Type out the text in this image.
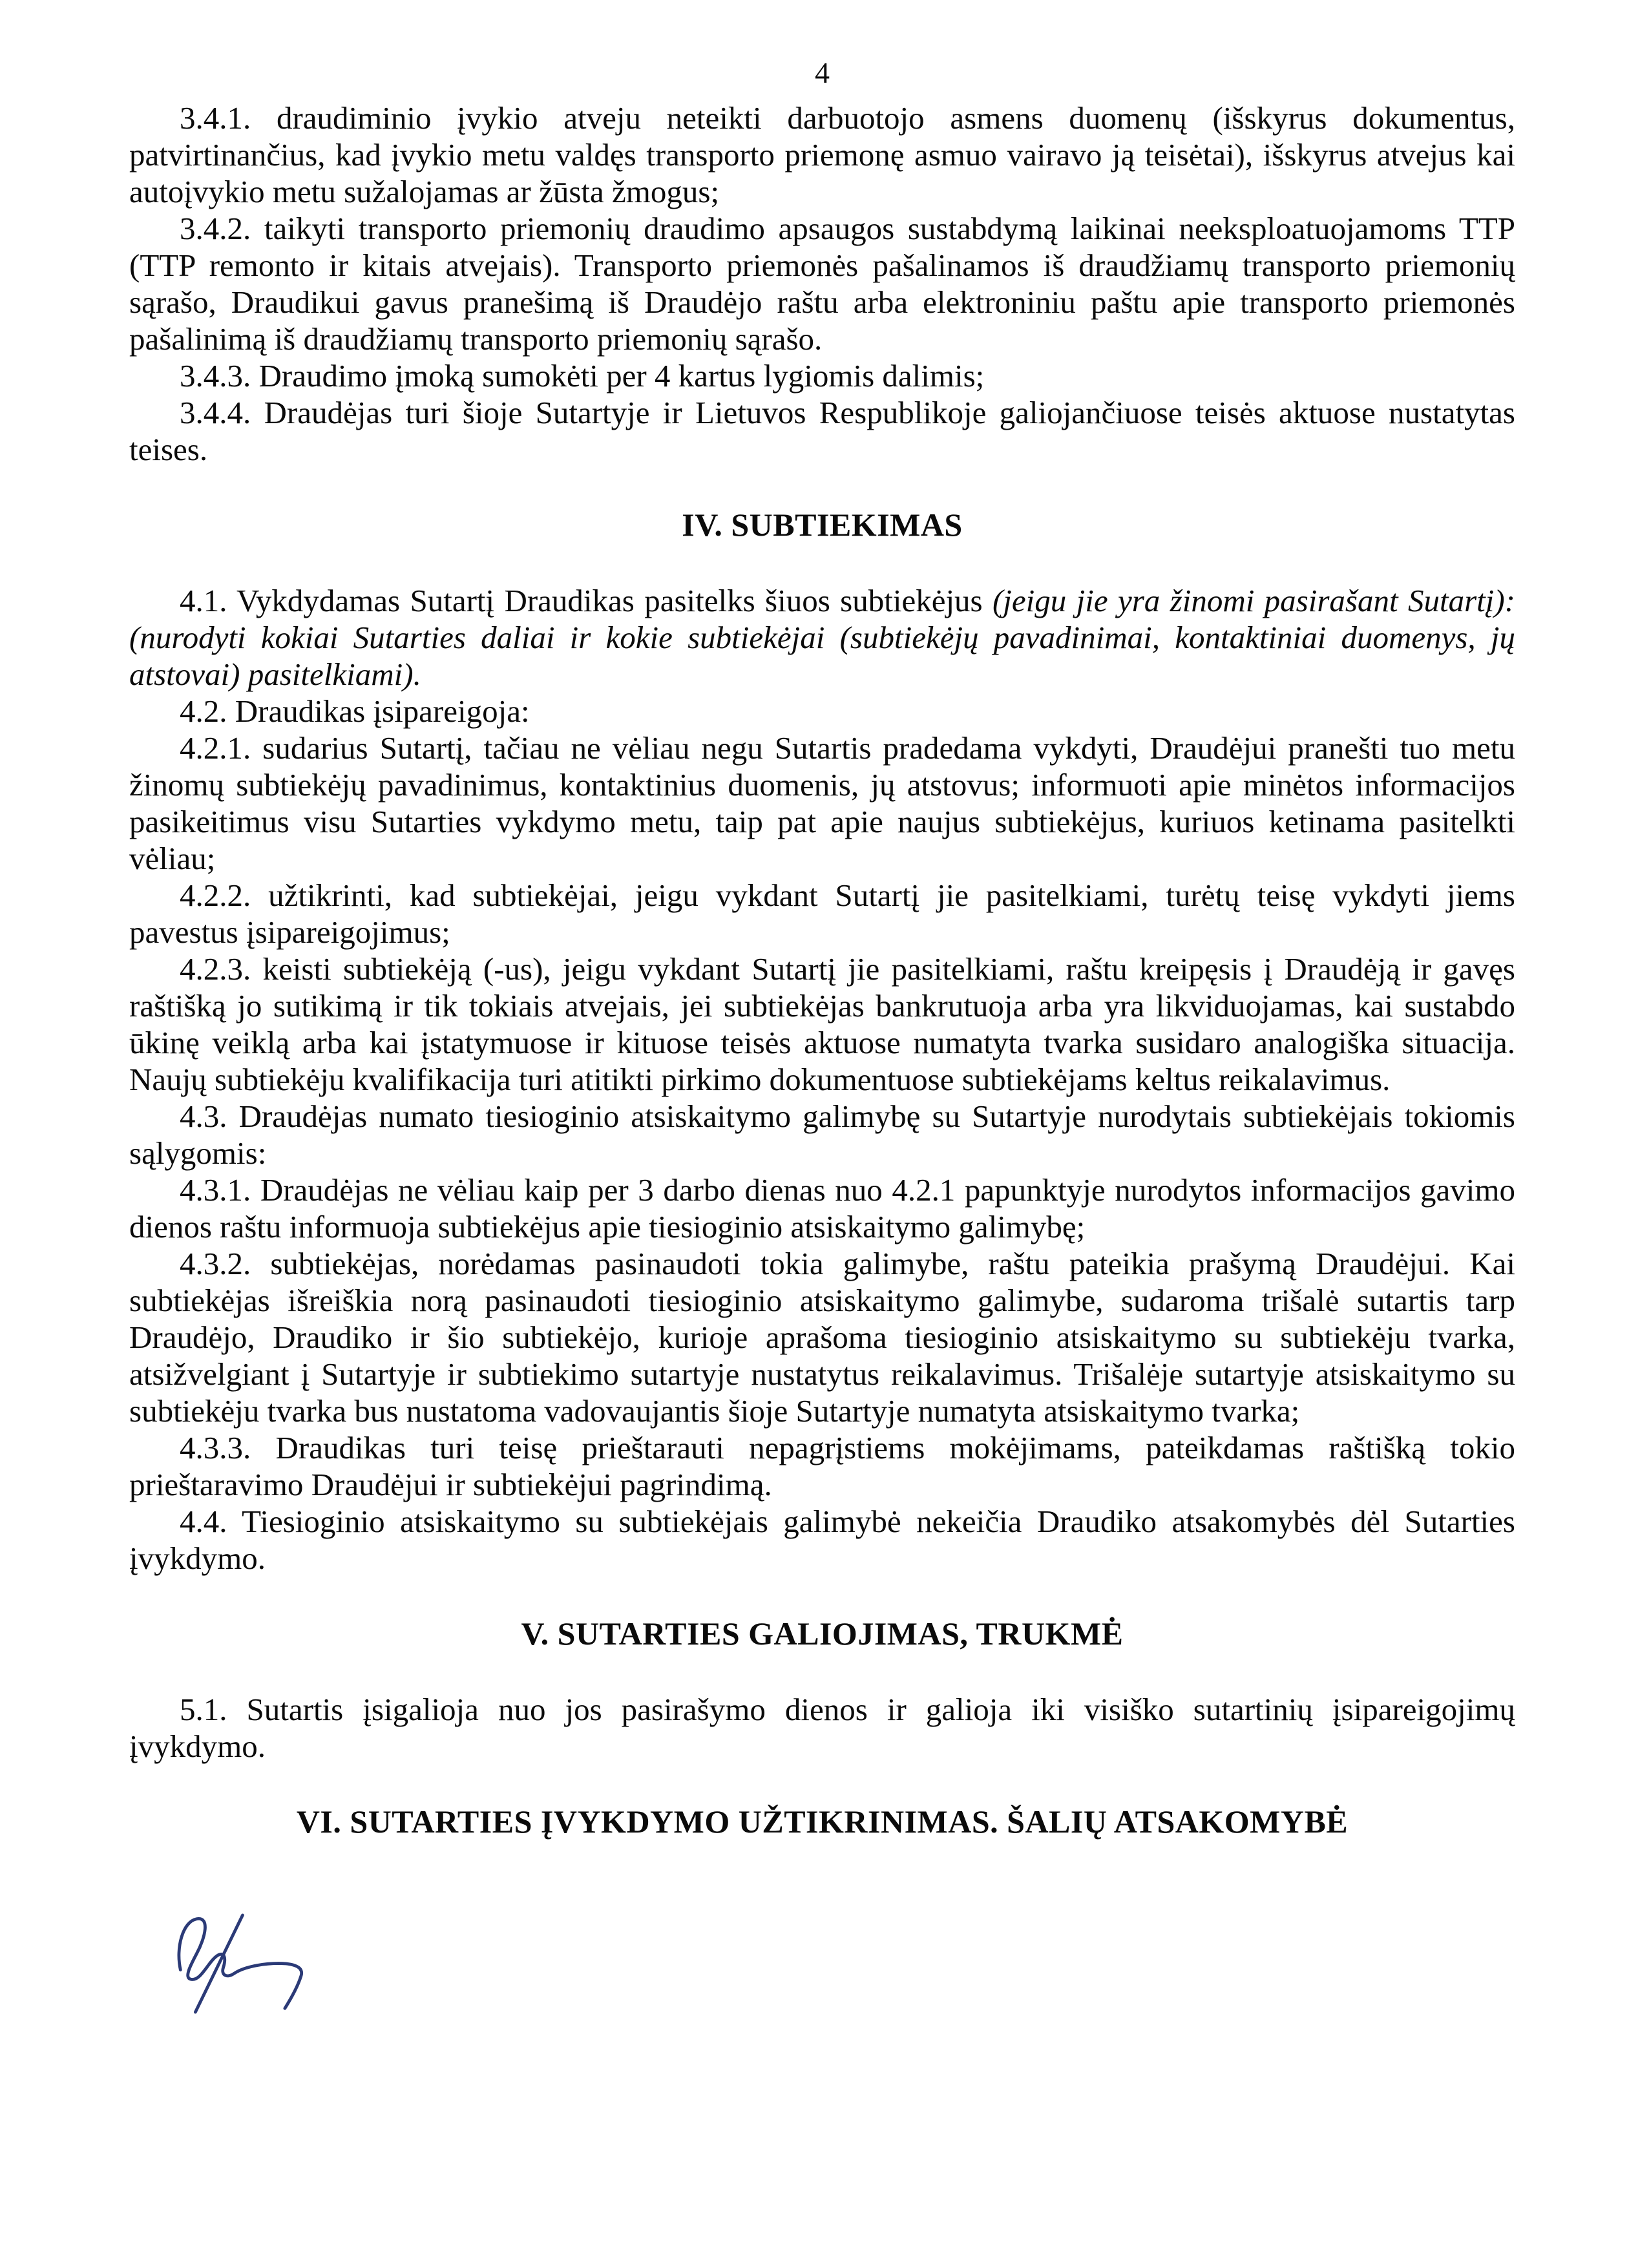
4

3.4.1. draudiminio įvykio atveju neteikti darbuotojo asmens duomenų (išskyrus dokumentus, patvirtinančius, kad įvykio metu valdęs transporto priemonę asmuo vairavo ją teisėtai), išskyrus atvejus kai autoįvykio metu sužalojamas ar žūsta žmogus;

3.4.2. taikyti transporto priemonių draudimo apsaugos sustabdymą laikinai neeksploatuojamoms TTP (TTP remonto ir kitais atvejais). Transporto priemonės pašalinamos iš draudžiamų transporto priemonių sąrašo, Draudikui gavus pranešimą iš Draudėjo raštu arba elektroniniu paštu apie transporto priemonės pašalinimą iš draudžiamų transporto priemonių sąrašo.

3.4.3. Draudimo įmoką sumokėti per 4 kartus lygiomis dalimis;

3.4.4. Draudėjas turi šioje Sutartyje ir Lietuvos Respublikoje galiojančiuose teisės aktuose nustatytas teises.

IV. SUBTIEKIMAS

4.1. Vykdydamas Sutartį Draudikas pasitelks šiuos subtiekėjus (jeigu jie yra žinomi pasirašant Sutartį): (nurodyti kokiai Sutarties daliai ir kokie subtiekėjai (subtiekėjų pavadinimai, kontaktiniai duomenys, jų atstovai) pasitelkiami).

4.2. Draudikas įsipareigoja:

4.2.1. sudarius Sutartį, tačiau ne vėliau negu Sutartis pradedama vykdyti, Draudėjui pranešti tuo metu žinomų subtiekėjų pavadinimus, kontaktinius duomenis, jų atstovus; informuoti apie minėtos informacijos pasikeitimus visu Sutarties vykdymo metu, taip pat apie naujus subtiekėjus, kuriuos ketinama pasitelkti vėliau;

4.2.2. užtikrinti, kad subtiekėjai, jeigu vykdant Sutartį jie pasitelkiami, turėtų teisę vykdyti jiems pavestus įsipareigojimus;

4.2.3. keisti subtiekėją (-us), jeigu vykdant Sutartį jie pasitelkiami, raštu kreipęsis į Draudėją ir gavęs raštišką jo sutikimą ir tik tokiais atvejais, jei subtiekėjas bankrutuoja arba yra likviduojamas, kai sustabdo ūkinę veiklą arba kai įstatymuose ir kituose teisės aktuose numatyta tvarka susidaro analogiška situacija. Naujų subtiekėju kvalifikacija turi atitikti pirkimo dokumentuose subtiekėjams keltus reikalavimus.

4.3. Draudėjas numato tiesioginio atsiskaitymo galimybę su Sutartyje nurodytais subtiekėjais tokiomis sąlygomis:

4.3.1. Draudėjas ne vėliau kaip per 3 darbo dienas nuo 4.2.1 papunktyje nurodytos informacijos gavimo dienos raštu informuoja subtiekėjus apie tiesioginio atsiskaitymo galimybę;

4.3.2. subtiekėjas, norėdamas pasinaudoti tokia galimybe, raštu pateikia prašymą Draudėjui. Kai subtiekėjas išreiškia norą pasinaudoti tiesioginio atsiskaitymo galimybe, sudaroma trišalė sutartis tarp Draudėjo, Draudiko ir šio subtiekėjo, kurioje aprašoma tiesioginio atsiskaitymo su subtiekėju tvarka, atsižvelgiant į Sutartyje ir subtiekimo sutartyje nustatytus reikalavimus. Trišalėje sutartyje atsiskaitymo su subtiekėju tvarka bus nustatoma vadovaujantis šioje Sutartyje numatyta atsiskaitymo tvarka;

4.3.3. Draudikas turi teisę prieštarauti nepagrįstiems mokėjimams, pateikdamas raštišką tokio prieštaravimo Draudėjui ir subtiekėjui pagrindimą.

4.4. Tiesioginio atsiskaitymo su subtiekėjais galimybė nekeičia Draudiko atsakomybės dėl Sutarties įvykdymo.

V. SUTARTIES GALIOJIMAS, TRUKMĖ

5.1. Sutartis įsigalioja nuo jos pasirašymo dienos ir galioja iki visiško sutartinių įsipareigojimų įvykdymo.

VI. SUTARTIES ĮVYKDYMO UŽTIKRINIMAS. ŠALIŲ ATSAKOMYBĖ
